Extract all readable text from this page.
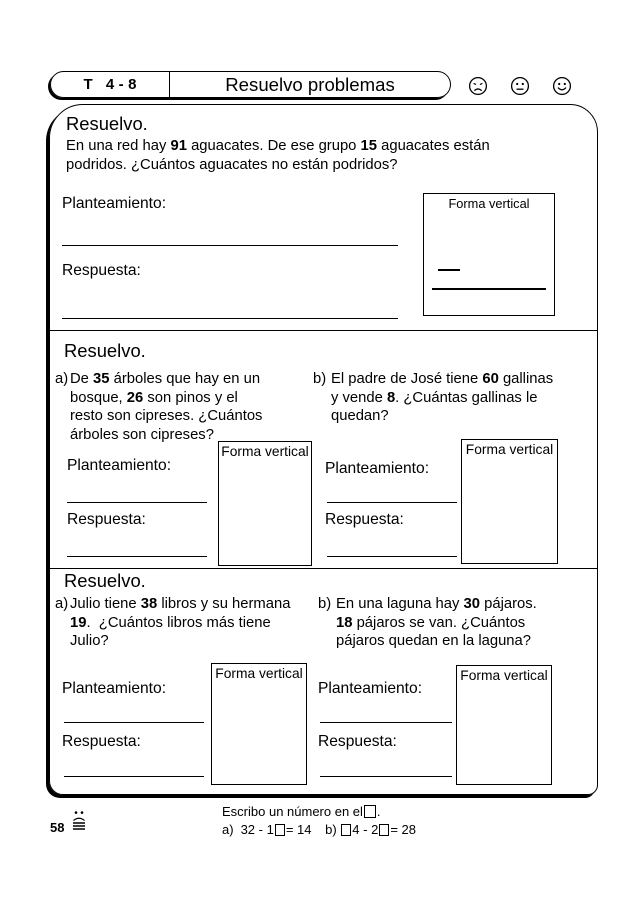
T 4-8	Resuelvo problemas
Resuelvo.
En una red hay 91 aguacates. De ese grupo 15 aguacates están
podridos. ¿Cuántos aguacates no están podridos?
Planteamiento:
Respuesta:
Forma vertical
Resuelvo.
a) De 35 árboles que hay en un
bosque, 26 son pinos y el
resto son cipreses. ¿Cuántos
árboles son cipreses?
Planteamiento:
Respuesta:
Forma vertical
b) El padre de José tiene 60 gallinas
y vende 8. ¿Cuántas gallinas le
quedan?
Planteamiento:
Respuesta:
Forma vertical
Resuelvo.
a) Julio tiene 38 libros y su hermana
19.  ¿Cuántos libros más tiene
Julio?
Planteamiento:
Respuesta:
Forma vertical
b) En una laguna hay 30 pájaros.
18 pájaros se van. ¿Cuántos
pájaros quedan en la laguna?
Planteamiento:
Respuesta:
Forma vertical
58
Escribo un número en el .
a) 32 - 1 = 14 b) 4 - 2 = 28
